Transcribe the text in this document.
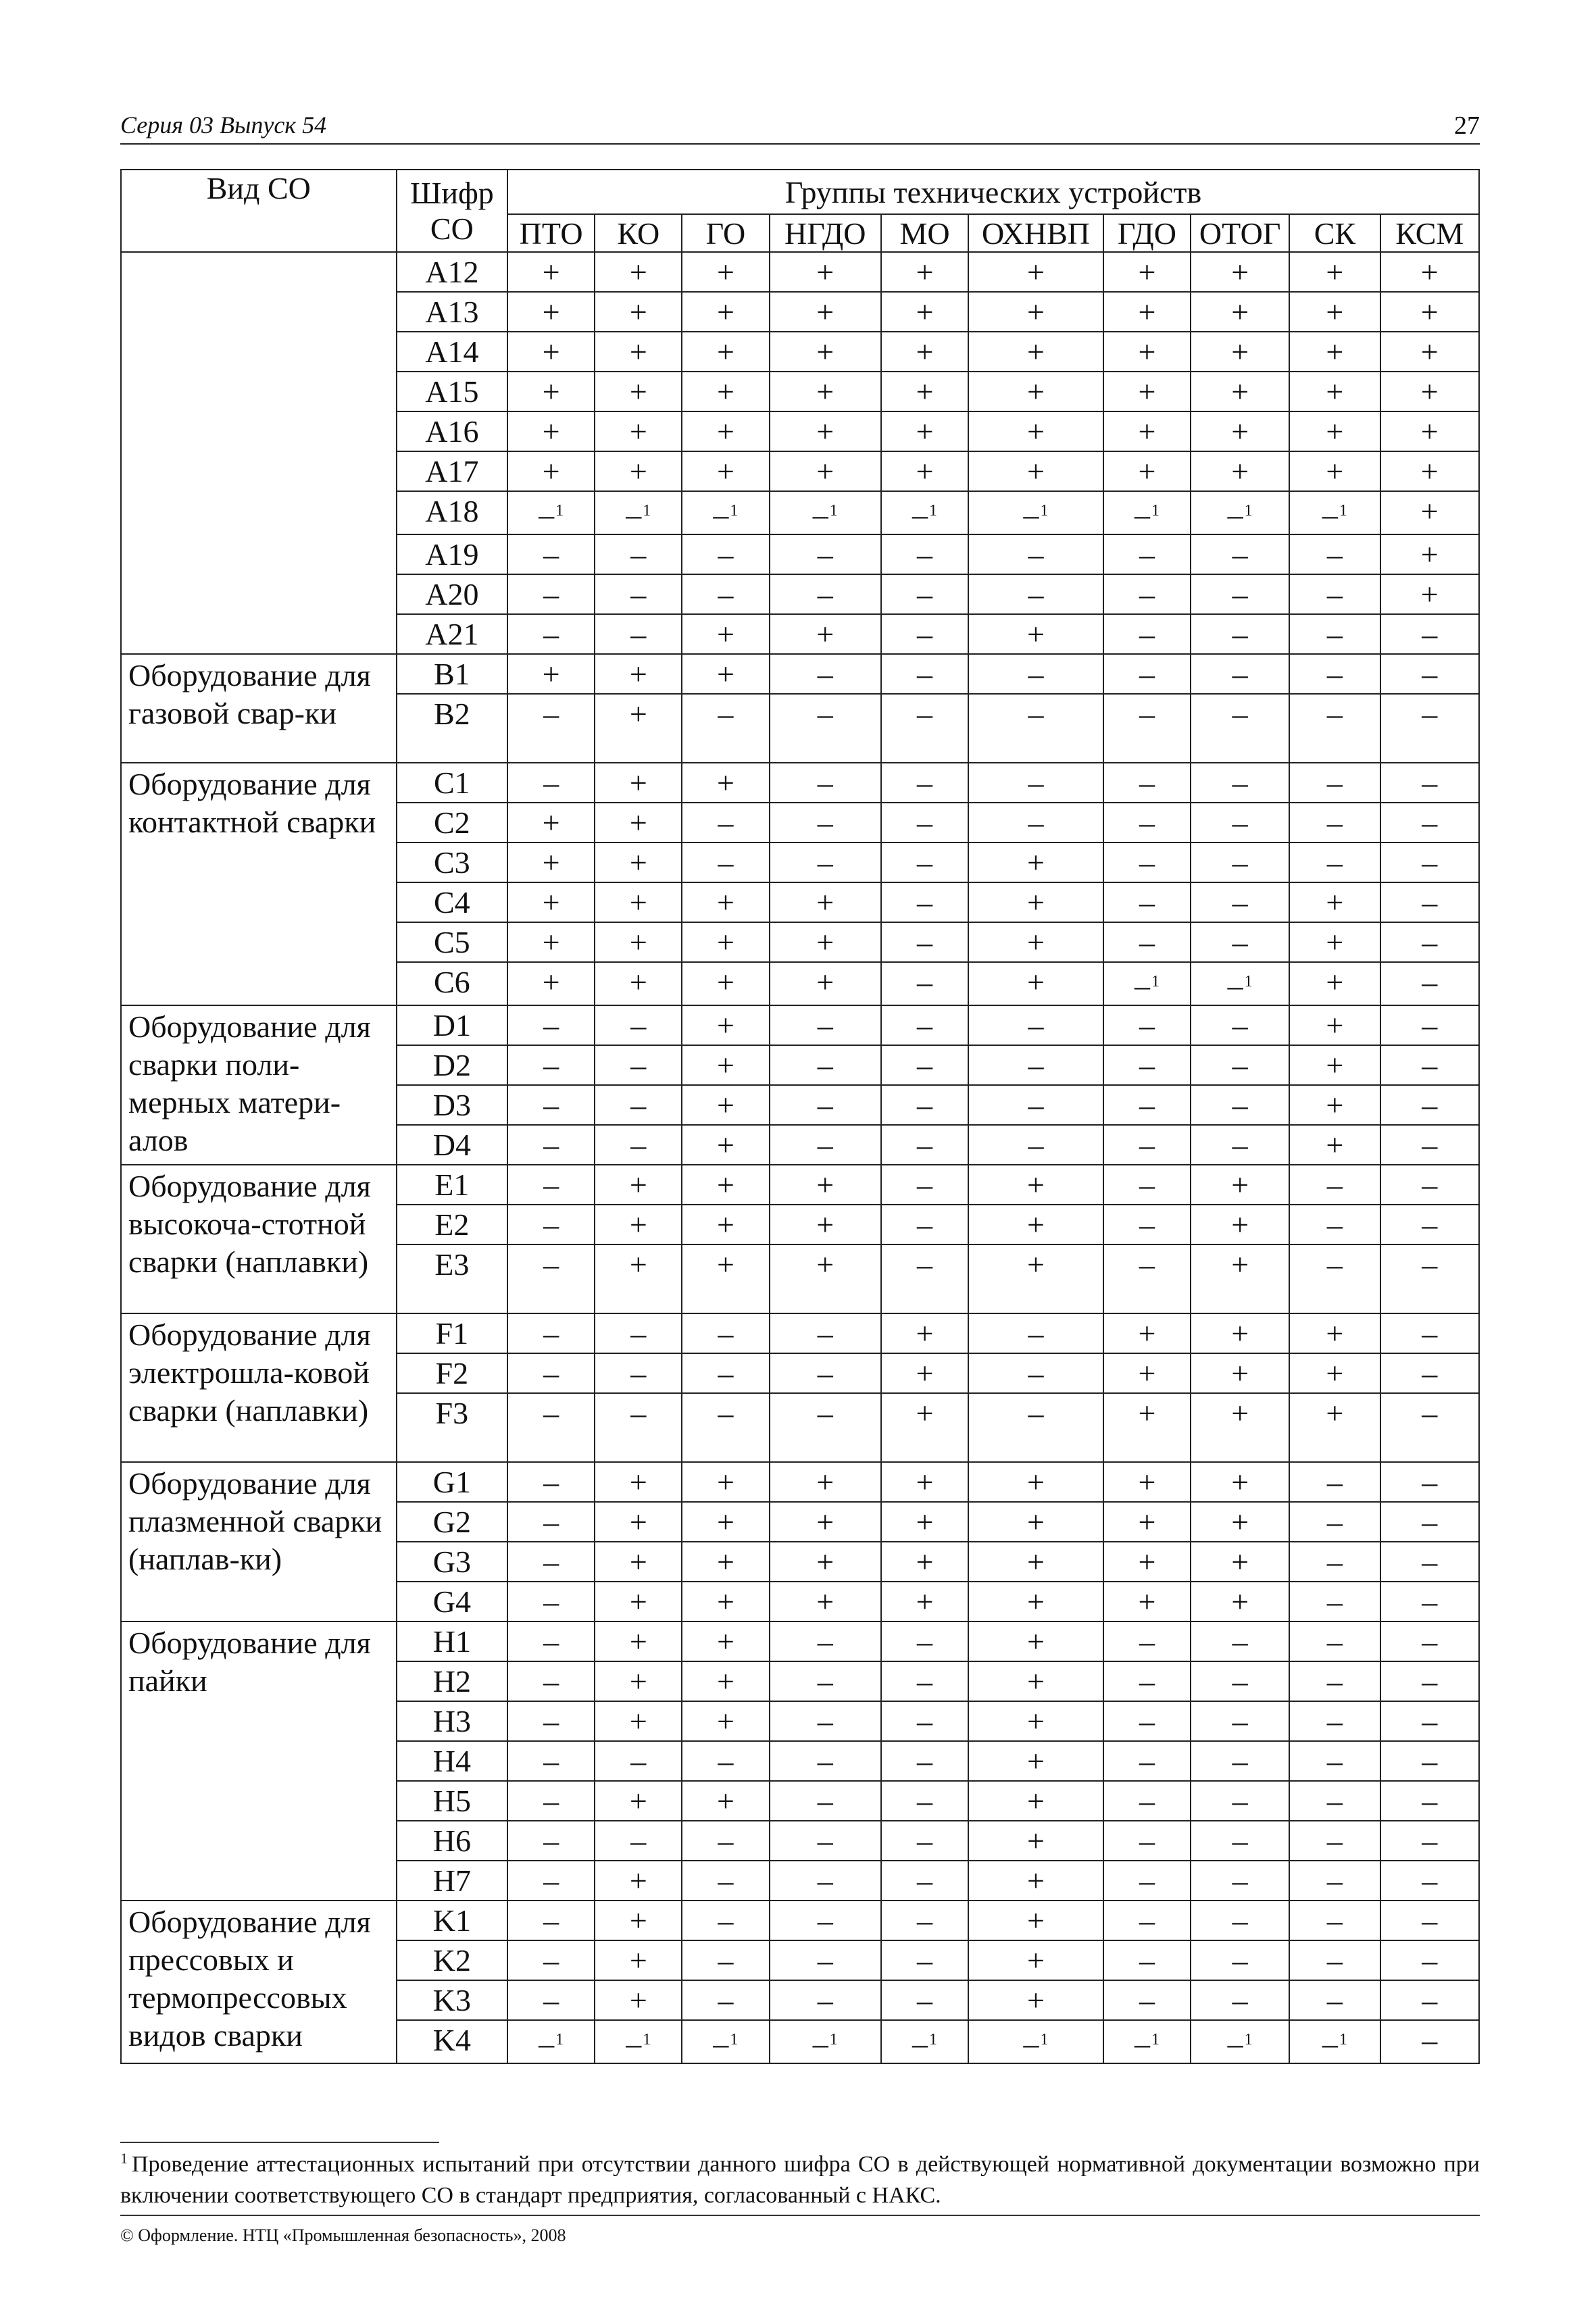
Серия 03 Выпуск 54	27
Вид СО	Шифр СО	Группы технических устройств									
		ПТО	КО	ГО	НГДО	МО	ОХНВП	ГДО	ОТОГ	СК	КСМ
	A12	+	+	+	+	+	+	+	+	+	+
	A13	+	+	+	+	+	+	+	+	+	+
	A14	+	+	+	+	+	+	+	+	+	+
	A15	+	+	+	+	+	+	+	+	+	+
	A16	+	+	+	+	+	+	+	+	+	+
	A17	+	+	+	+	+	+	+	+	+	+
	A18	–$^1$	–$^1$	–$^1$	–$^1$	–$^1$	–$^1$	–$^1$	–$^1$	–$^1$	+
	A19	–	–	–	–	–	–	–	–	–	+
	A20	–	–	–	–	–	–	–	–	–	+
	A21	–	–	+	+	–	+	–	–	–	–
Оборудование для газовой свар-ки	B1	+	+	+	–	–	–	–	–	–	–
	B2	–	+	–	–	–	–	–	–	–	–
Оборудование для контактной сварки	C1	–	+	+	–	–	–	–	–	–	–
	C2	+	+	–	–	–	–	–	–	–	–
	C3	+	+	–	–	–	+	–	–	–	–
	C4	+	+	+	+	–	+	–	–	+	–
	C5	+	+	+	+	–	+	–	–	+	–
	C6	+	+	+	+	–	+	–$^1$	–$^1$	+	–
Оборудование для сварки поли-мерных матери-алов	D1	–	–	+	–	–	–	–	–	+	–
	D2	–	–	+	–	–	–	–	–	+	–
	D3	–	–	+	–	–	–	–	–	+	–
	D4	–	–	+	–	–	–	–	–	+	–
Оборудование для высокоча-стотной сварки (наплавки)	E1	–	+	+	+	–	+	–	+	–	–
	E2	–	+	+	+	–	+	–	+	–	–
	E3	–	+	+	+	–	+	–	+	–	–
Оборудование для электрошла-ковой сварки (наплавки)	F1	–	–	–	–	+	–	+	+	+	–
	F2	–	–	–	–	+	–	+	+	+	–
	F3	–	–	–	–	+	–	+	+	+	–
Оборудование для плазменной сварки (наплав-ки)	G1	–	+	+	+	+	+	+	+	–	–
	G2	–	+	+	+	+	+	+	+	–	–
	G3	–	+	+	+	+	+	+	+	–	–
	G4	–	+	+	+	+	+	+	+	–	–
Оборудование для пайки	H1	–	+	+	–	–	+	–	–	–	–
	H2	–	+	+	–	–	+	–	–	–	–
	H3	–	+	+	–	–	+	–	–	–	–
	H4	–	–	–	–	–	+	–	–	–	–
	H5	–	+	+	–	–	+	–	–	–	–
	H6	–	–	–	–	–	+	–	–	–	–
	H7	–	+	–	–	–	+	–	–	–	–
Оборудование для прессовых и термопрессовых видов сварки	K1	–	+	–	–	–	+	–	–	–	–
	K2	–	+	–	–	–	+	–	–	–	–
	K3	–	+	–	–	–	+	–	–	–	–
	K4	–$^1$	–$^1$	–$^1$	–$^1$	–$^1$	–$^1$	–$^1$	–$^1$	–$^1$	–
$^1$ Проведение аттестационных испытаний при отсутствии данного шифра СО в действующей нормативной документации возможно при включении соответствующего СО в стандарт предприятия, согласованный с НАКС.
© Оформление. НТЦ «Промышленная безопасность», 2008
